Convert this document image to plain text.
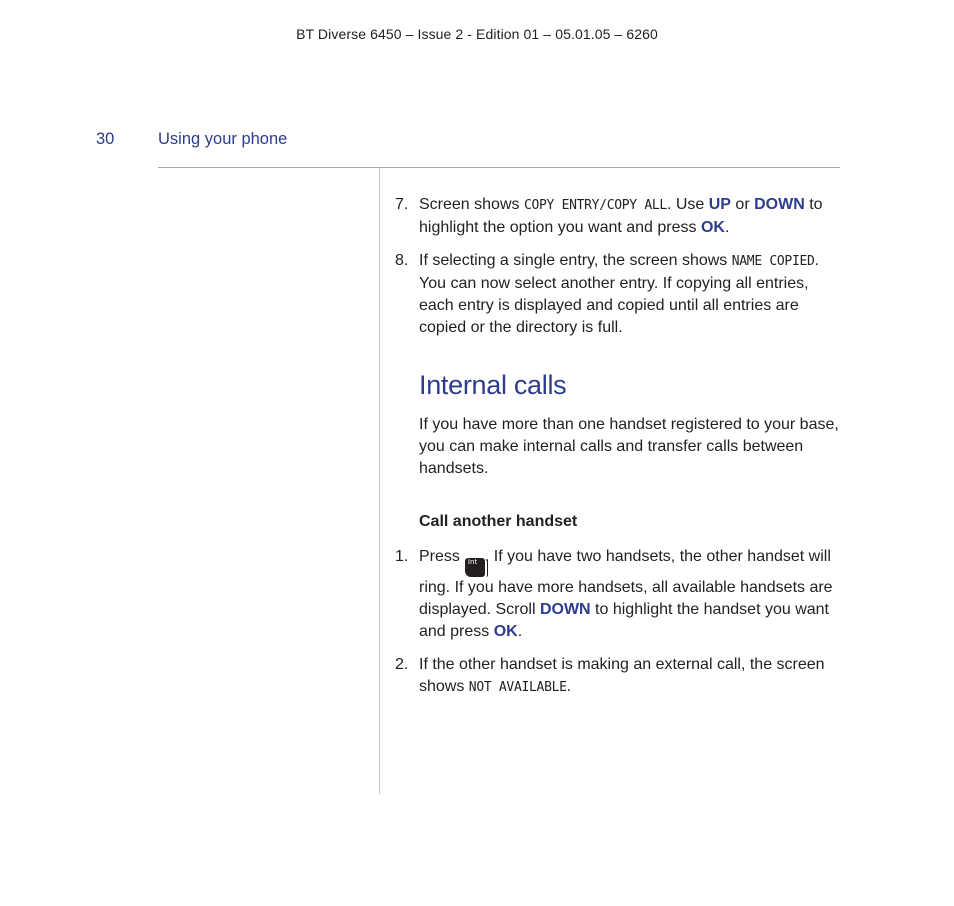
BT Diverse 6450 – Issue 2 - Edition 01 – 05.01.05 – 6260
30	Using your phone

7. Screen shows COPY ENTRY/COPY ALL. Use UP or DOWN to highlight the option you want and press OK.

8. If selecting a single entry, the screen shows NAME COPIED. You can now select another entry. If copying all entries, each entry is displayed and copied until all entries are copied or the directory is full.

Internal calls
If you have more than one handset registered to your base, you can make internal calls and transfer calls between handsets.
Call another handset

1. Press Int . If you have two handsets, the other handset will ring. If you have more handsets, all available handsets are displayed. Scroll DOWN to highlight the handset you want and press OK.

2. If the other handset is making an external call, the screen shows NOT AVAILABLE.
